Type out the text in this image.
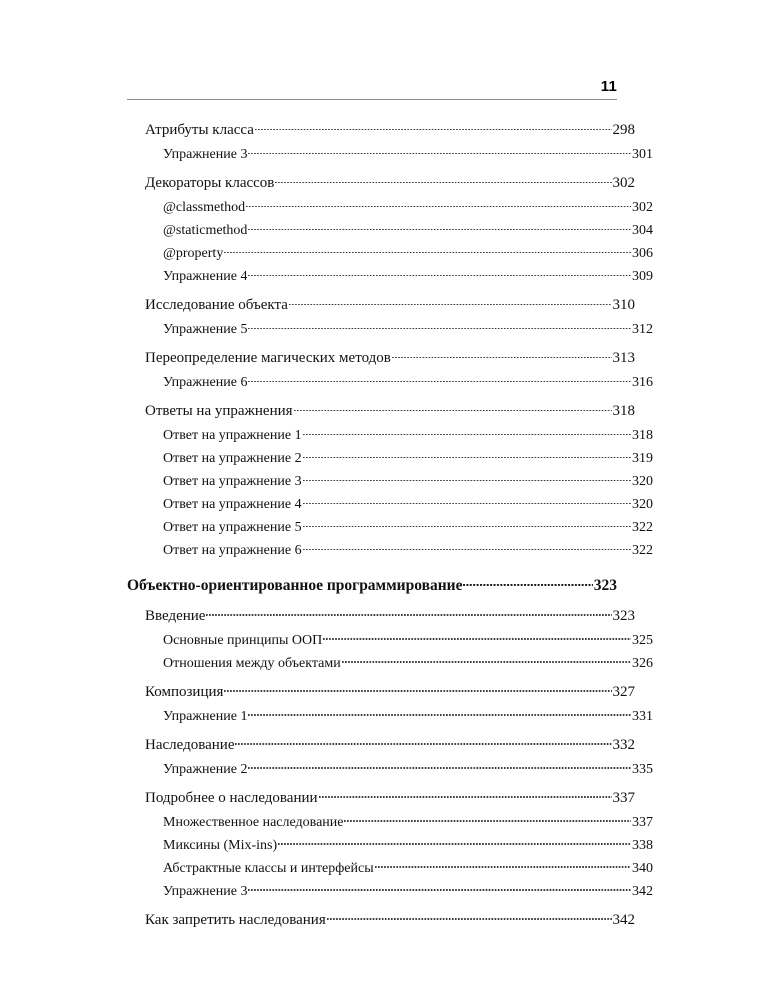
11
Атрибуты класса	298
Упражнение 3	301
Декораторы классов	302
@classmethod	302
@staticmethod	304
@property	306
Упражнение 4	309
Исследование объекта	310
Упражнение 5	312
Переопределение магических методов	313
Упражнение 6	316
Ответы на упражнения	318
Ответ на упражнение 1	318
Ответ на упражнение 2	319
Ответ на упражнение 3	320
Ответ на упражнение 4	320
Ответ на упражнение 5	322
Ответ на упражнение 6	322
Объектно-ориентированное программирование	323
Введение	323
Основные принципы ООП	325
Отношения между объектами	326
Композиция	327
Упражнение 1	331
Наследование	332
Упражнение 2	335
Подробнее о наследовании	337
Множественное наследование	337
Миксины (Mix-ins)	338
Абстрактные классы и интерфейсы	340
Упражнение 3	342
Как запретить наследования	342
